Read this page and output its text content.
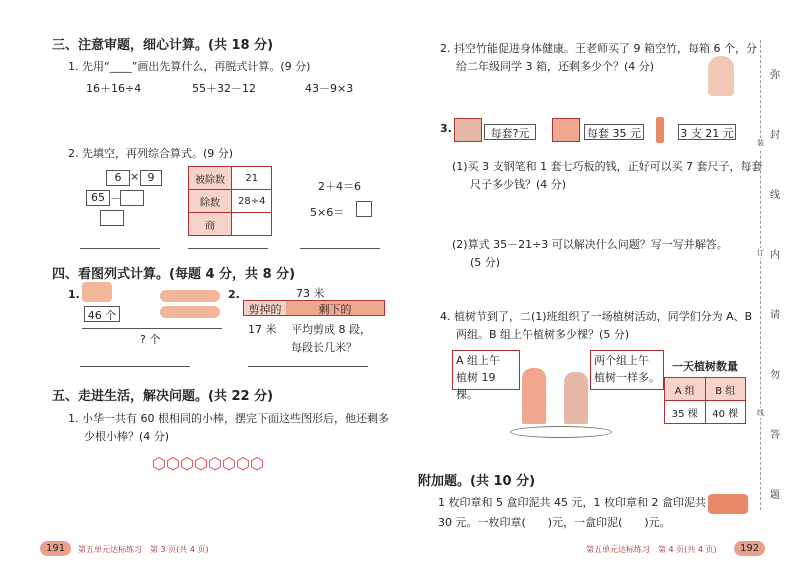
三、注意审题，细心计算。(共 18 分)
1. 先用“____”画出先算什么，再脱式计算。(9 分)
16＋16÷4	55＋32－12	43－9×3
2. 先填空，再列综合算式。(9 分)
6 × 9
65 －
被除数	21
除数	28÷4
商	
2＋4＝6
5×6＝
四、看图列式计算。(每题 4 分，共 8 分)
1.
46 个
? 个
2.	73 米
剪掉的	剩下的
17 米 平均剪成 8 段，
每段长几米？
五、走进生活，解决问题。(共 22 分)
1. 小华一共有 60 根相同的小棒，摆完下面这些图形后，他还剩多
少根小棒？(4 分)
⬡⬡⬡⬡⬡⬡⬡⬡
191	第五单元达标练习　第 3 页(共 4 页)
2. 抖空竹能促进身体健康。王老师买了 9 箱空竹，每箱 6 个，分
给二年级同学 3 箱，还剩多少个？(4 分)
3.	每套?元	每套 35 元	3 支 21 元
(1)买 3 支钢笔和 1 套七巧板的钱，正好可以买 7 套尺子，每套
尺子多少钱？(4 分)
(2)算式 35－21÷3 可以解决什么问题？写一写并解答。
(5 分)
4. 植树节到了，二(1)班组织了一场植树活动，同学们分为 A、B
两组。B 组上午植树多少棵？(5 分)
A 组上午
植树 19 棵。
两个组上午
植树一样多。
一天植树数量
A 组	B 组
35 棵	40 棵
附加题。(共 10 分)
1 枚印章和 5 盒印泥共 45 元，1 枚印章和 2 盒印泥共
30 元。一枚印章(　　)元，一盒印泥(　　)元。
第五单元达标练习　第 4 页(共 4 页)	192
弥
封
线
内
请
勿
答
题
装
订
线
